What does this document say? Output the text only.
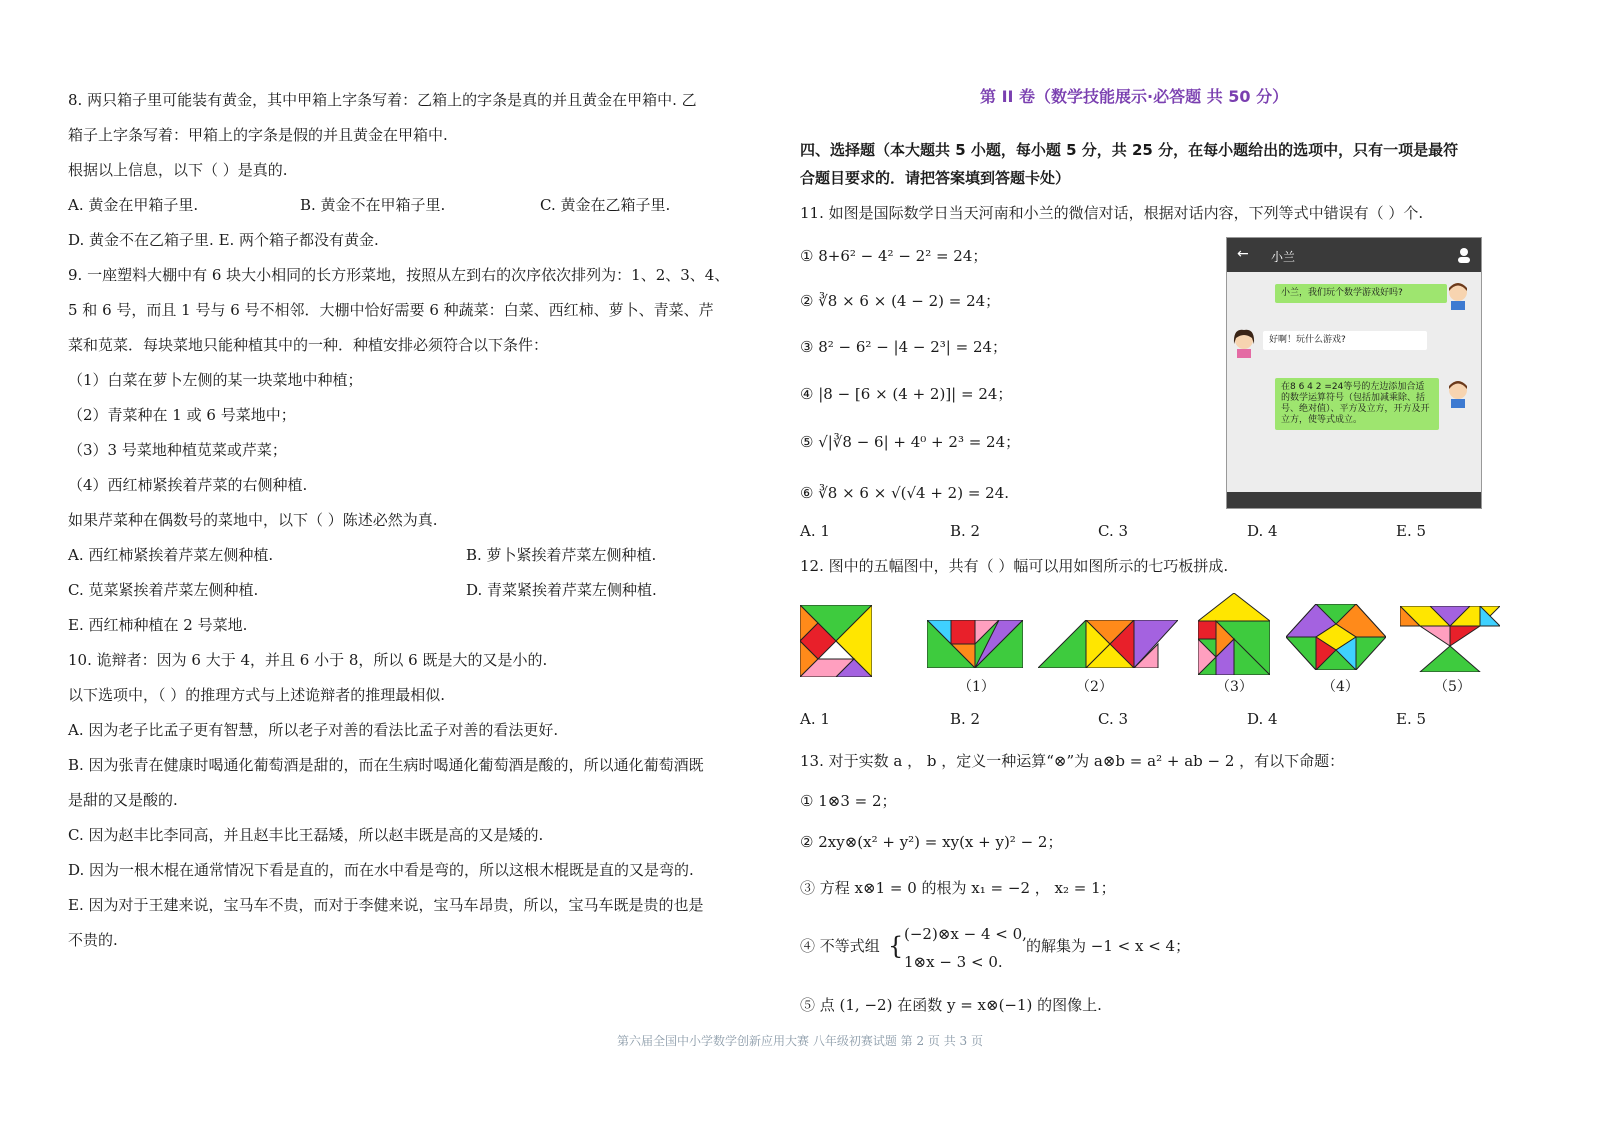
8. 两只箱子里可能装有黄金，其中甲箱上字条写着：乙箱上的字条是真的并且黄金在甲箱中. 乙
箱子上字条写着：甲箱上的字条是假的并且黄金在甲箱中.
根据以上信息，以下（ ）是真的.
D. 黄金不在乙箱子里. E. 两个箱子都没有黄金.
9. 一座塑料大棚中有 6 块大小相同的长方形菜地，按照从左到右的次序依次排列为：1、2、3、4、
5 和 6 号，而且 1 号与 6 号不相邻．大棚中恰好需要 6 种蔬菜：白菜、西红柿、萝卜、青菜、芹
菜和苋菜．每块菜地只能种植其中的一种．种植安排必须符合以下条件：
（1）白菜在萝卜左侧的某一块菜地中种植；
（2）青菜种在 1 或 6 号菜地中；
（3）3 号菜地种植苋菜或芹菜；
（4）西红柿紧挨着芹菜的右侧种植.
如果芹菜种在偶数号的菜地中，以下（ ）陈述必然为真.
E. 西红柿种植在 2 号菜地.
10. 诡辩者：因为 6 大于 4，并且 6 小于 8，所以 6 既是大的又是小的.
以下选项中，（ ）的推理方式与上述诡辩者的推理最相似.
A. 因为老子比孟子更有智慧，所以老子对善的看法比孟子对善的看法更好.
B. 因为张青在健康时喝通化葡萄酒是甜的，而在生病时喝通化葡萄酒是酸的，所以通化葡萄酒既
是甜的又是酸的.
C. 因为赵丰比李同高，并且赵丰比王磊矮，所以赵丰既是高的又是矮的.
D. 因为一根木棍在通常情况下看是直的，而在水中看是弯的，所以这根木棍既是直的又是弯的.
E. 因为对于王建来说，宝马车不贵，而对于李健来说，宝马车昂贵，所以，宝马车既是贵的也是
不贵的.
A. 黄金在甲箱子里.	B. 黄金不在甲箱子里.	C. 黄金在乙箱子里.
A. 西红柿紧挨着芹菜左侧种植.	B. 萝卜紧挨着芹菜左侧种植.
C. 苋菜紧挨着芹菜左侧种植.	D. 青菜紧挨着芹菜左侧种植.
第 II 卷（数学技能展示·必答题 共 50 分）
四、选择题（本大题共 5 小题，每小题 5 分，共 25 分，在每小题给出的选项中，只有一项是最符
合题目要求的．请把答案填到答题卡处）
11. 如图是国际数学日当天河南和小兰的微信对话，根据对话内容，下列等式中错误有（ ）个.
① 8+6² − 4² − 2² = 24；
② ∛8 × 6 × (4 − 2) = 24；
③ 8² − 6² − |4 − 2³| = 24；
④ |8 − [6 × (4 + 2)]| = 24；
⑤ √|∛8 − 6| + 4⁰ + 2³ = 24；
⑥ ∛8 × 6 × √(√4 + 2) = 24.
A. 1	B. 2	C. 3	D. 4	E. 5
12. 图中的五幅图中，共有（ ）幅可以用如图所示的七巧板拼成.
A. 1	B. 2	C. 3	D. 4	E. 5
13. 对于实数 a ， b ，定义一种运算“⊗”为 a⊗b = a² + ab − 2 ，有以下命题：
① 1⊗3 = 2；
② 2xy⊗(x² + y²) = xy(x + y)² − 2；
③ 方程 x⊗1 = 0 的根为 x₁ = −2 ， x₂ = 1；
④ 不等式组 { (−2)⊗x − 4 < 0,
1⊗x − 3 < 0.
的解集为 −1 < x < 4；
⑤ 点 (1, −2) 在函数 y = x⊗(−1) 的图像上.
← 小兰
小兰，我们玩个数学游戏好吗?
好啊！玩什么游戏?
在8 6 4 2 =24等号的左边添加合适的数学运算符号（包括加减乘除、括号、绝对值）、平方及立方，开方及开立方，使等式成立。
（1）	（2）	（3）	（4）	（5）
第六届全国中小学数学创新应用大赛 八年级初赛试题 第 2 页 共 3 页
